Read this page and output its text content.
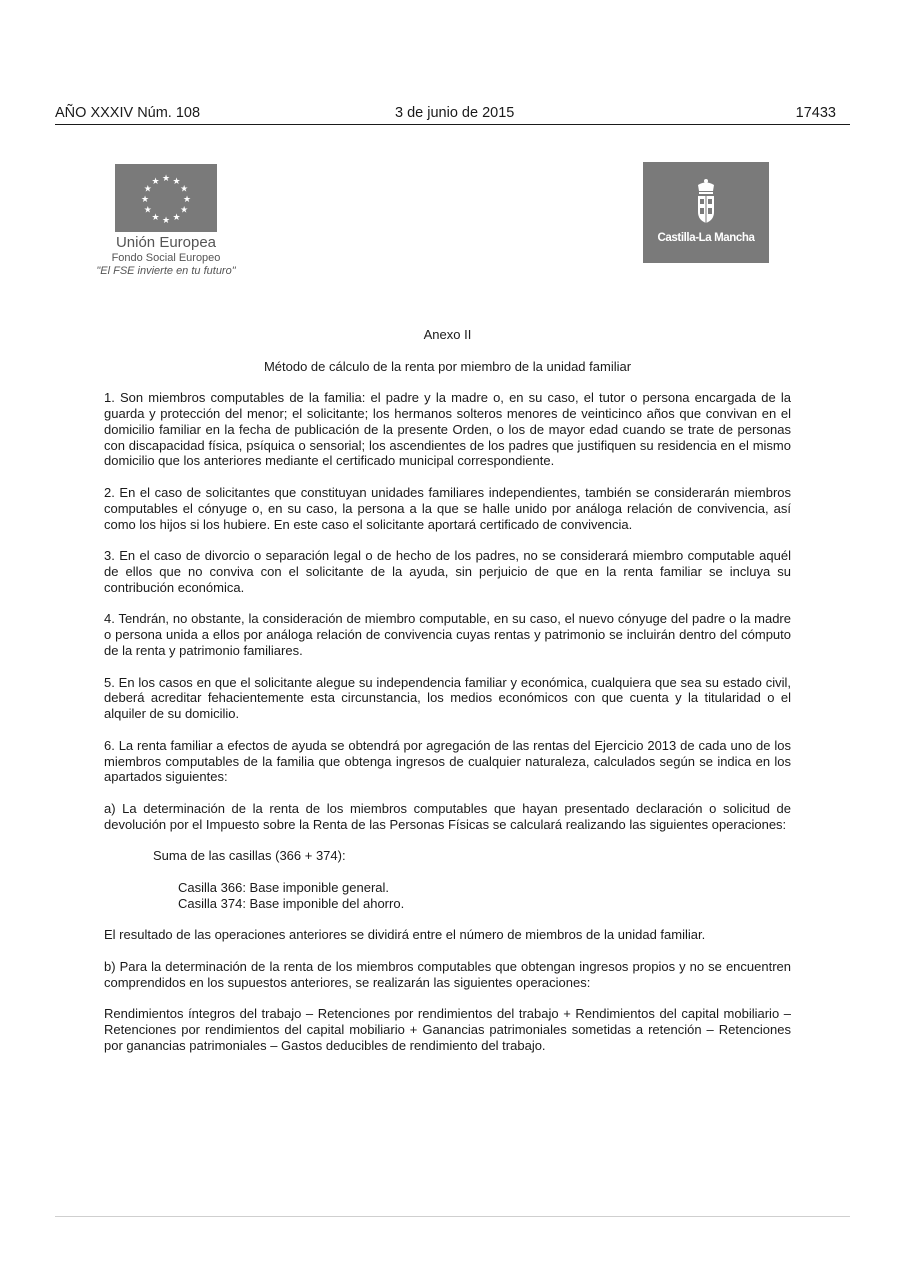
AÑO XXXIV Núm. 108	3 de junio de 2015	17433
★ ★
★
★
★
★
★
★
★
★
★
★
Unión Europea
Fondo Social Europeo
"El FSE invierte en tu futuro"
Castilla-La Mancha

Anexo II

Método de cálculo de la renta por miembro de la unidad familiar

1. Son miembros computables de la familia: el padre y la madre o, en su caso, el tutor o persona encargada de la guarda y protección del menor; el solicitante; los hermanos solteros menores de veinticinco años que convivan en el domicilio familiar en la fecha de publicación de la presente Orden, o los de mayor edad cuando se trate de personas con discapacidad física, psíquica o sensorial; los ascendientes de los padres que justifiquen su residencia en el mismo domicilio que los anteriores mediante el certificado municipal correspondiente.

2. En el caso de solicitantes que constituyan unidades familiares independientes, también se considerarán miembros computables el cónyuge o, en su caso, la persona a la que se halle unido por análoga relación de convivencia, así como los hijos si los hubiere. En este caso el solicitante aportará certificado de convivencia.

3. En el caso de divorcio o separación legal o de hecho de los padres, no se considerará miembro computable aquél de ellos que no conviva con el solicitante de la ayuda, sin perjuicio de que en la renta familiar se incluya su contribución económica.

4. Tendrán, no obstante, la consideración de miembro computable, en su caso, el nuevo cónyuge del padre o la madre o persona unida a ellos por análoga relación de convivencia cuyas rentas y patrimonio se incluirán dentro del cómputo de la renta y patrimonio familiares.

5. En los casos en que el solicitante alegue su independencia familiar y económica, cualquiera que sea su estado civil, deberá acreditar fehacientemente esta circunstancia, los medios económicos con que cuenta y la titularidad o el alquiler de su domicilio.

6. La renta familiar a efectos de ayuda se obtendrá por agregación de las rentas del Ejercicio 2013 de cada uno de los miembros computables de la familia que obtenga ingresos de cualquier naturaleza, calculados según se indica en los apartados siguientes:

a) La determinación de la renta de los miembros computables que hayan presentado declaración o solicitud de devolución por el Impuesto sobre la Renta de las Personas Físicas se calculará realizando las siguientes operaciones:

Suma de las casillas (366 + 374):

Casilla 366: Base imponible general.

Casilla 374: Base imponible del ahorro.

El resultado de las operaciones anteriores se dividirá entre el número de miembros de la unidad familiar.

b) Para la determinación de la renta de los miembros computables que obtengan ingresos propios y no se encuentren comprendidos en los supuestos anteriores, se realizarán las siguientes operaciones:

Rendimientos íntegros del trabajo – Retenciones por rendimientos del trabajo + Rendimientos del capital mobiliario – Retenciones por rendimientos del capital mobiliario + Ganancias patrimoniales sometidas a retención – Retenciones por ganancias patrimoniales – Gastos deducibles de rendimiento del trabajo.
